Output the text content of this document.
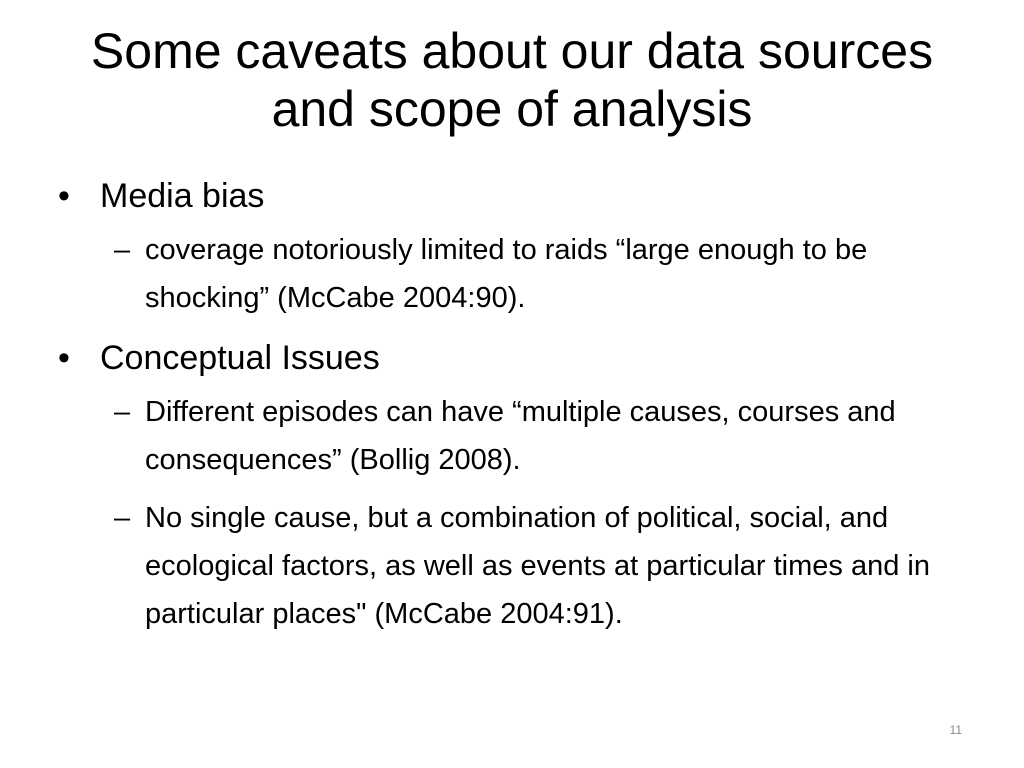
Some caveats about our data sources and scope of analysis
• Media bias
– coverage notoriously limited to raids “large enough to be shocking” (McCabe 2004:90).
• Conceptual Issues
– Different episodes can have “multiple causes, courses and consequences” (Bollig 2008).
– No single cause, but a combination of political, social, and ecological factors, as well as events at particular times and in particular places" (McCabe 2004:91).
11
